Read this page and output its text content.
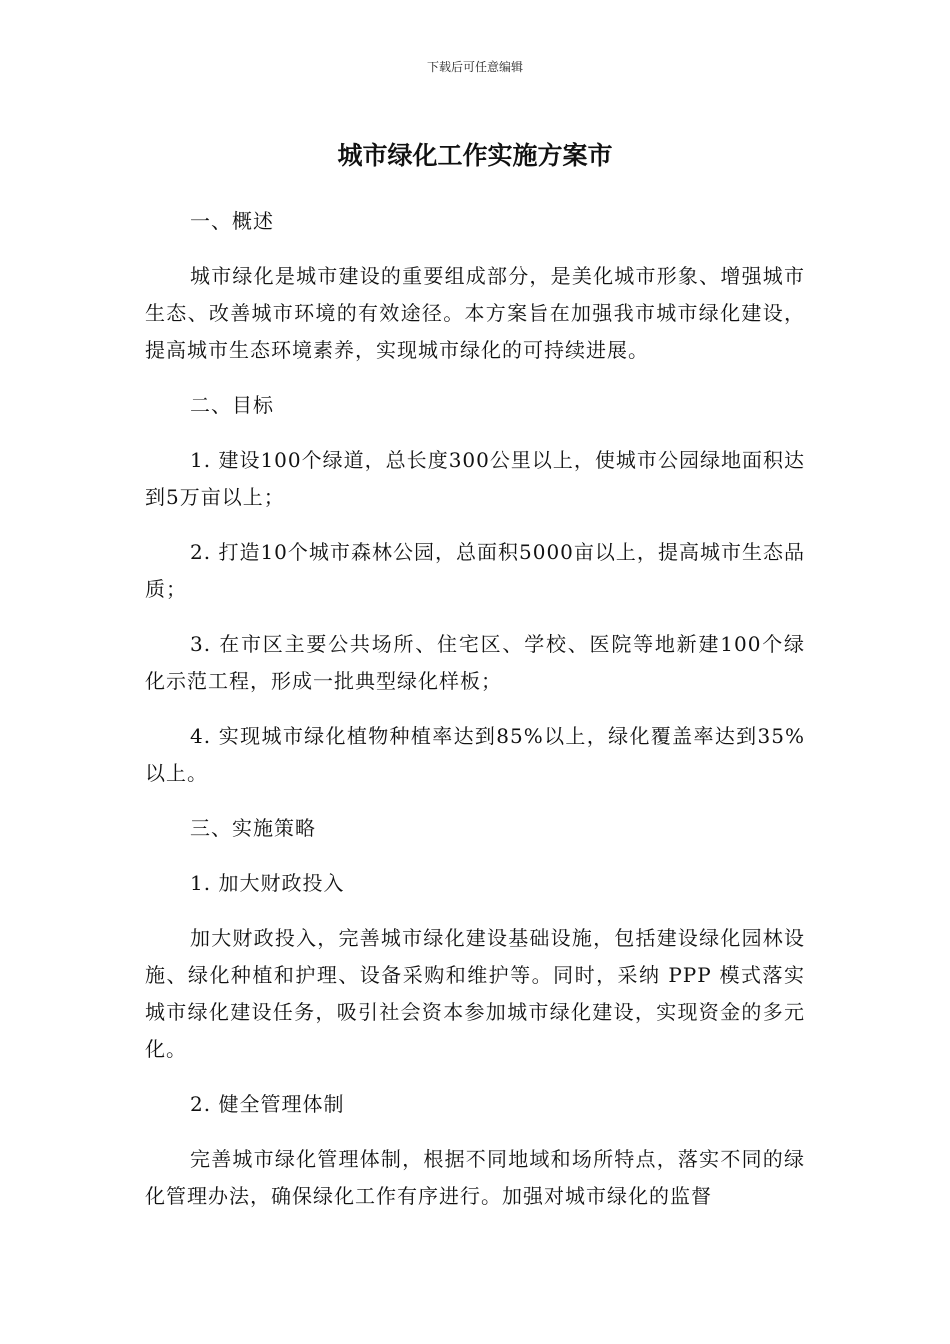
下载后可任意编辑
城市绿化工作实施方案市

一、概述

城市绿化是城市建设的重要组成部分，是美化城市形象、增强城市生态、改善城市环境的有效途径。本方案旨在加强我市城市绿化建设，提高城市生态环境素养，实现城市绿化的可持续进展。

二、目标

1. 建设100个绿道，总长度300公里以上，使城市公园绿地面积达到5万亩以上；

2. 打造10个城市森林公园，总面积5000亩以上，提高城市生态品质；

3. 在市区主要公共场所、住宅区、学校、医院等地新建100个绿化示范工程，形成一批典型绿化样板；

4. 实现城市绿化植物种植率达到85%以上，绿化覆盖率达到35%以上。

三、实施策略

1. 加大财政投入

加大财政投入，完善城市绿化建设基础设施，包括建设绿化园林设施、绿化种植和护理、设备采购和维护等。同时，采纳 PPP 模式落实城市绿化建设任务，吸引社会资本参加城市绿化建设，实现资金的多元化。

2. 健全管理体制

完善城市绿化管理体制，根据不同地域和场所特点，落实不同的绿化管理办法，确保绿化工作有序进行。加强对城市绿化的监督
